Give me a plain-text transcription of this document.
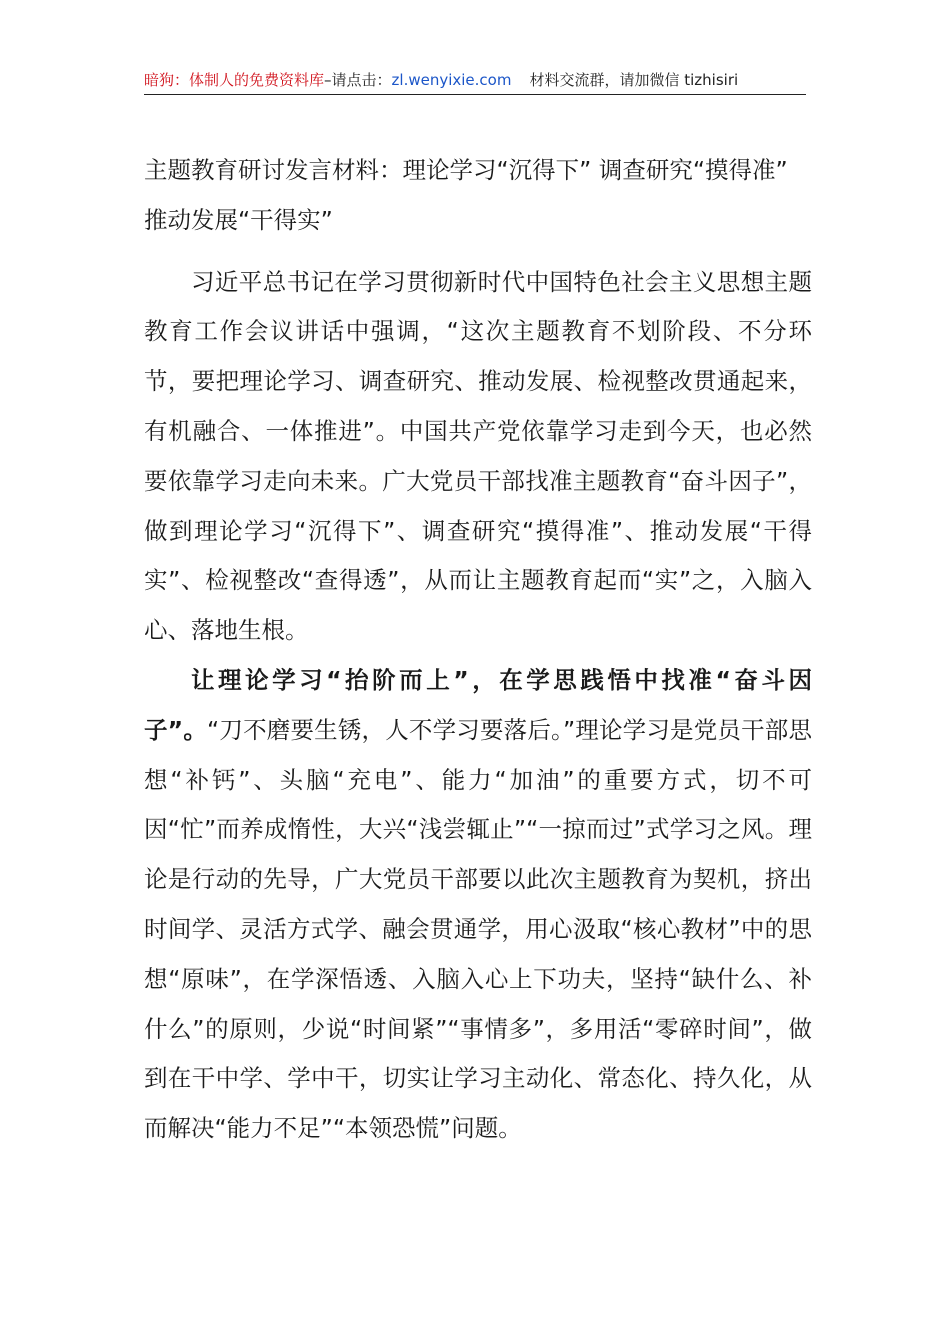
暗狗：体制人的免费资料库–请点击：zl.wenyixie.com 材料交流群，请加微信 tizhisiri
主题教育研讨发言材料：理论学习“沉得下” 调查研究“摸得准” 推动发展“干得实”

习近平总书记在学习贯彻新时代中国特色社会主义思想主题教育工作会议讲话中强调，“这次主题教育不划阶段、不分环节，要把理论学习、调查研究、推动发展、检视整改贯通起来，有机融合、一体推进”。中国共产党依靠学习走到今天，也必然要依靠学习走向未来。广大党员干部找准主题教育“奋斗因子”，做到理论学习“沉得下”、调查研究“摸得准”、推动发展“干得实”、检视整改“查得透”，从而让主题教育起而“实”之，入脑入心、落地生根。

让理论学习“抬阶而上”，在学思践悟中找准“奋斗因子”。“刀不磨要生锈，人不学习要落后。”理论学习是党员干部思想“补钙”、头脑“充电”、能力“加油”的重要方式，切不可因“忙”而养成惰性，大兴“浅尝辄止”“一掠而过”式学习之风。理论是行动的先导，广大党员干部要以此次主题教育为契机，挤出时间学、灵活方式学、融会贯通学，用心汲取“核心教材”中的思想“原味”，在学深悟透、入脑入心上下功夫，坚持“缺什么、补什么”的原则，少说“时间紧”“事情多”，多用活“零碎时间”，做到在干中学、学中干，切实让学习主动化、常态化、持久化，从而解决“能力不足”“本领恐慌”问题。
